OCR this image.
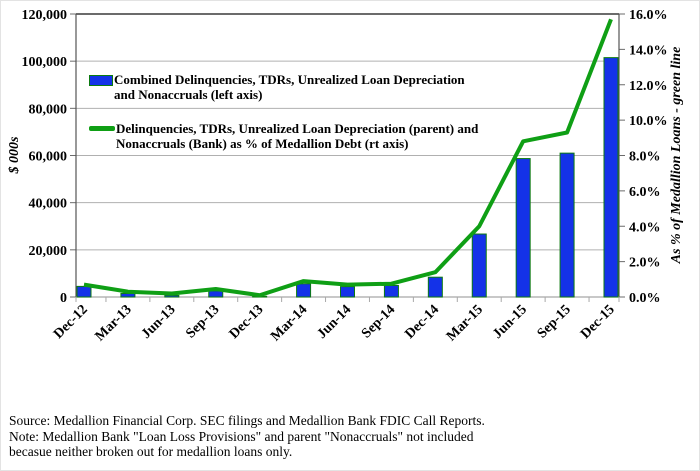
0
20,000
40,000
60,000
80,000
100,000
120,000
0.0%
2.0%
4.0%
6.0%
8.0%
10.0%
12.0%
14.0%
16.0%
Dec-12 Mar-13 Jun-13 Sep-13 Dec-13 Mar-14 Jun-14 Sep-14 Dec-14 Mar-15 Jun-15 Sep-15 Dec-15
$ 000s	As % of Medallion Loans - green line
Combined Delinquencies, TDRs, Unrealized Loan Depreciation
and Nonaccruals (left axis)
Delinquencies, TDRs, Unrealized Loan Depreciation (parent) and
Nonaccruals (Bank) as % of Medallion Debt (rt axis)
Source: Medallion Financial Corp. SEC filings and Medallion Bank FDIC Call Reports.
Note: Medallion Bank "Loan Loss Provisions" and parent "Nonaccruals" not included
becasue neither broken out for medallion loans only.
